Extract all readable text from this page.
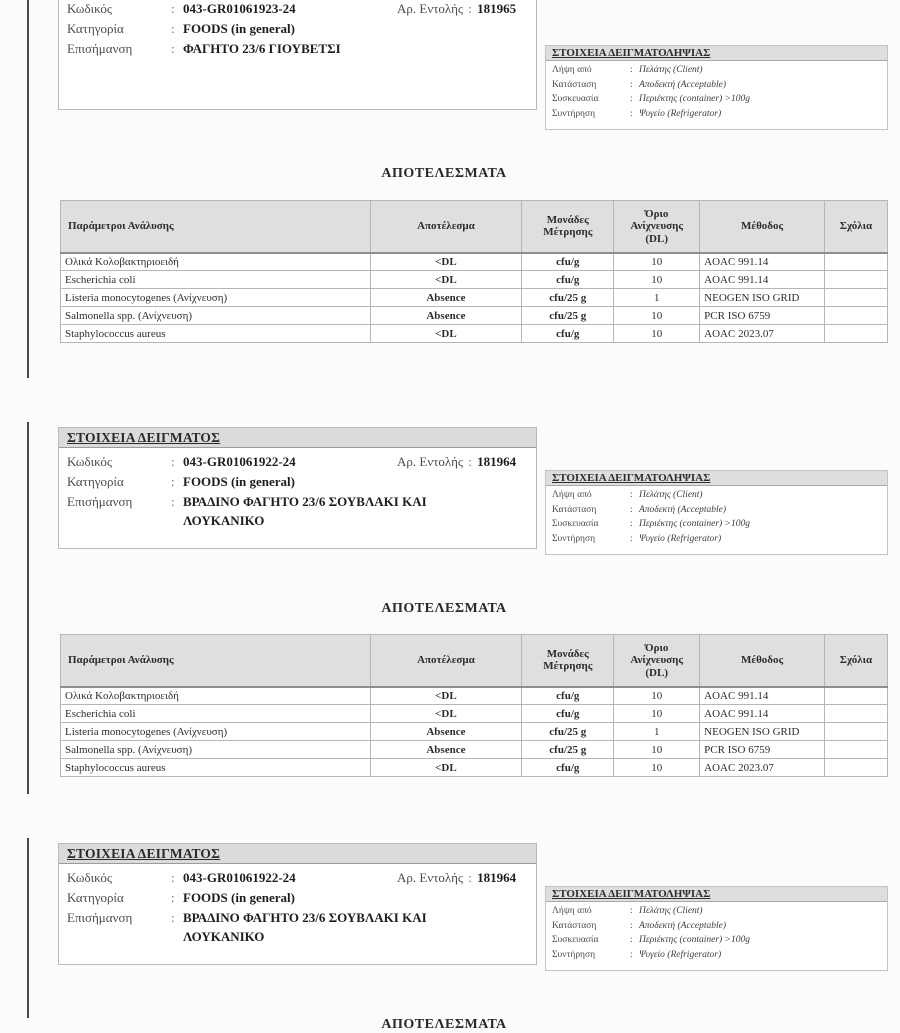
Κωδικός	: 043-GR01061923-24	Αρ. Εντολής : 181965
Κατηγορία	: FOODS (in general)
Επισήμανση	: ΦΑΓΗΤΟ 23/6 ΓΙΟΥΒΕΤΣΙ	ΣΤΟΙΧΕΙΑ ΔΕΙΓΜΑΤΟΛΗΨΙΑΣ
Λήψη από	: Πελάτης (Client)
Κατάσταση	: Αποδεκτή (Acceptable)
Συσκευασία	: Περιέκτης (container) >100g
Συντήρηση	: Ψυγείο (Refrigerator)
ΑΠΟΤΕΛΕΣΜΑΤΑ
Παράμετροι Ανάλυσης	Αποτέλεσμα	Μονάδες Μέτρησης	Όριο Ανίχνευσης (DL)	Μέθοδος	Σχόλια
Ολικά Κολοβακτηριοειδή	<DL	cfu/g	10	AOAC 991.14	
Escherichia coli	<DL	cfu/g	10	AOAC 991.14	
Listeria monocytogenes (Ανίχνευση)	Absence	cfu/25 g	1	NEOGEN ISO GRID	
Salmonella spp. (Ανίχνευση)	Absence	cfu/25 g	10	PCR ISO 6759	
Staphylococcus aureus	<DL	cfu/g	10	AOAC 2023.07	
ΣΤΟΙΧΕΙΑ ΔΕΙΓΜΑΤΟΣ
Κωδικός	: 043-GR01061922-24	Αρ. Εντολής : 181964
Κατηγορία	: FOODS (in general)
Επισήμανση	: ΒΡΑΔΙΝΟ ΦΑΓΗΤΟ 23/6 ΣΟΥΒΛΑΚΙ ΚΑΙ
ΛΟΥΚΑΝΙΚΟ
ΣΤΟΙΧΕΙΑ ΔΕΙΓΜΑΤΟΛΗΨΙΑΣ
Λήψη από	: Πελάτης (Client)
Κατάσταση	: Αποδεκτή (Acceptable)
Συσκευασία	: Περιέκτης (container) >100g
Συντήρηση	: Ψυγείο (Refrigerator)
ΑΠΟΤΕΛΕΣΜΑΤΑ
Παράμετροι Ανάλυσης	Αποτέλεσμα	Μονάδες Μέτρησης	Όριο Ανίχνευσης (DL)	Μέθοδος	Σχόλια
Ολικά Κολοβακτηριοειδή	<DL	cfu/g	10	AOAC 991.14	
Escherichia coli	<DL	cfu/g	10	AOAC 991.14	
Listeria monocytogenes (Ανίχνευση)	Absence	cfu/25 g	1	NEOGEN ISO GRID	
Salmonella spp. (Ανίχνευση)	Absence	cfu/25 g	10	PCR ISO 6759	
Staphylococcus aureus	<DL	cfu/g	10	AOAC 2023.07	
ΣΤΟΙΧΕΙΑ ΔΕΙΓΜΑΤΟΣ
Κωδικός	: 043-GR01061922-24	Αρ. Εντολής : 181964
Κατηγορία	: FOODS (in general)
Επισήμανση	: ΒΡΑΔΙΝΟ ΦΑΓΗΤΟ 23/6 ΣΟΥΒΛΑΚΙ ΚΑΙ
ΛΟΥΚΑΝΙΚΟ
ΣΤΟΙΧΕΙΑ ΔΕΙΓΜΑΤΟΛΗΨΙΑΣ
Λήψη από	: Πελάτης (Client)
Κατάσταση	: Αποδεκτή (Acceptable)
Συσκευασία	: Περιέκτης (container) >100g
Συντήρηση	: Ψυγείο (Refrigerator)
ΑΠΟΤΕΛΕΣΜΑΤΑ
